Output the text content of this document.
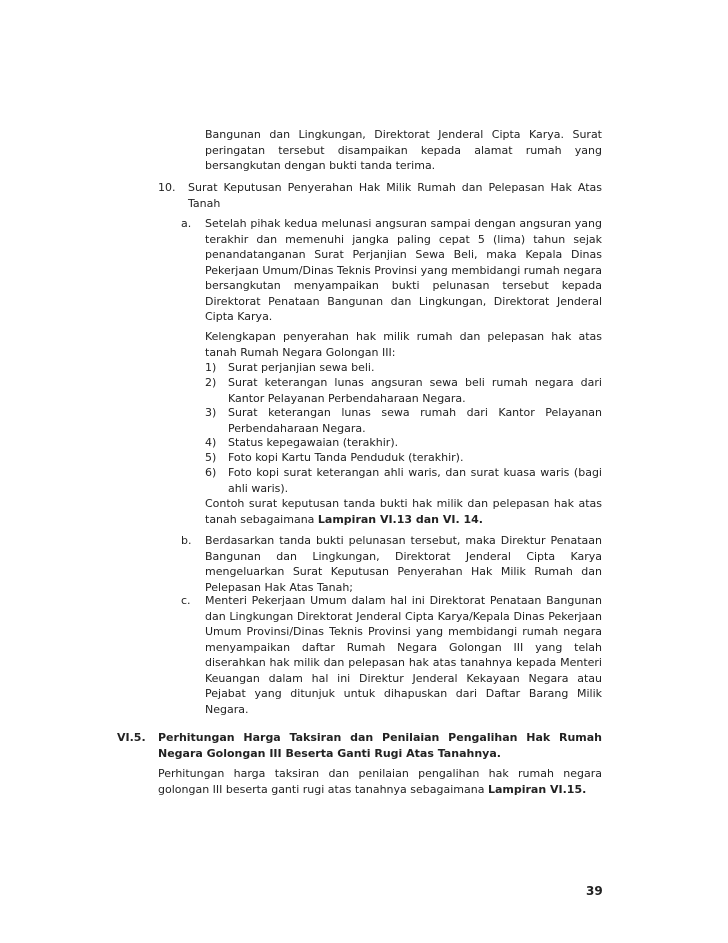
Bangunan dan Lingkungan, Direktorat Jenderal Cipta Karya. Surat peringatan tersebut disampaikan kepada alamat rumah yang bersangkutan dengan bukti tanda terima.
10. Surat Keputusan Penyerahan Hak Milik Rumah dan Pelepasan Hak Atas Tanah
a. Setelah pihak kedua melunasi angsuran sampai dengan angsuran yang terakhir dan memenuhi jangka paling cepat 5 (lima) tahun sejak penandatanganan Surat Perjanjian Sewa Beli, maka Kepala Dinas Pekerjaan Umum/Dinas Teknis Provinsi yang membidangi rumah negara bersangkutan menyampaikan bukti pelunasan tersebut kepada Direktorat Penataan Bangunan dan Lingkungan, Direktorat Jenderal Cipta Karya.
Kelengkapan penyerahan hak milik rumah dan pelepasan hak atas tanah Rumah Negara Golongan III:
1) Surat perjanjian sewa beli.
2) Surat keterangan lunas angsuran sewa beli rumah negara dari Kantor Pelayanan Perbendaharaan Negara.
3) Surat keterangan lunas sewa rumah dari Kantor Pelayanan Perbendaharaan Negara.
4) Status kepegawaian (terakhir).
5) Foto kopi Kartu Tanda Penduduk (terakhir).
6) Foto kopi surat keterangan ahli waris, dan surat kuasa waris (bagi ahli waris).
Contoh surat keputusan tanda bukti hak milik dan pelepasan hak atas tanah sebagaimana Lampiran VI.13 dan VI. 14.
b. Berdasarkan tanda bukti pelunasan tersebut, maka Direktur Penataan Bangunan dan Lingkungan, Direktorat Jenderal Cipta Karya mengeluarkan Surat Keputusan Penyerahan Hak Milik Rumah dan Pelepasan Hak Atas Tanah;
c. Menteri Pekerjaan Umum dalam hal ini Direktorat Penataan Bangunan dan Lingkungan Direktorat Jenderal Cipta Karya/Kepala Dinas Pekerjaan Umum Provinsi/Dinas Teknis Provinsi yang membidangi rumah negara menyampaikan daftar Rumah Negara Golongan III yang telah diserahkan hak milik dan pelepasan hak atas tanahnya kepada Menteri Keuangan dalam hal ini Direktur Jenderal Kekayaan Negara atau Pejabat yang ditunjuk untuk dihapuskan dari Daftar Barang Milik Negara.
VI.5. Perhitungan Harga Taksiran dan Penilaian Pengalihan Hak Rumah Negara Golongan III Beserta Ganti Rugi Atas Tanahnya.
Perhitungan harga taksiran dan penilaian pengalihan hak rumah negara golongan III beserta ganti rugi atas tanahnya sebagaimana Lampiran VI.15.
39
